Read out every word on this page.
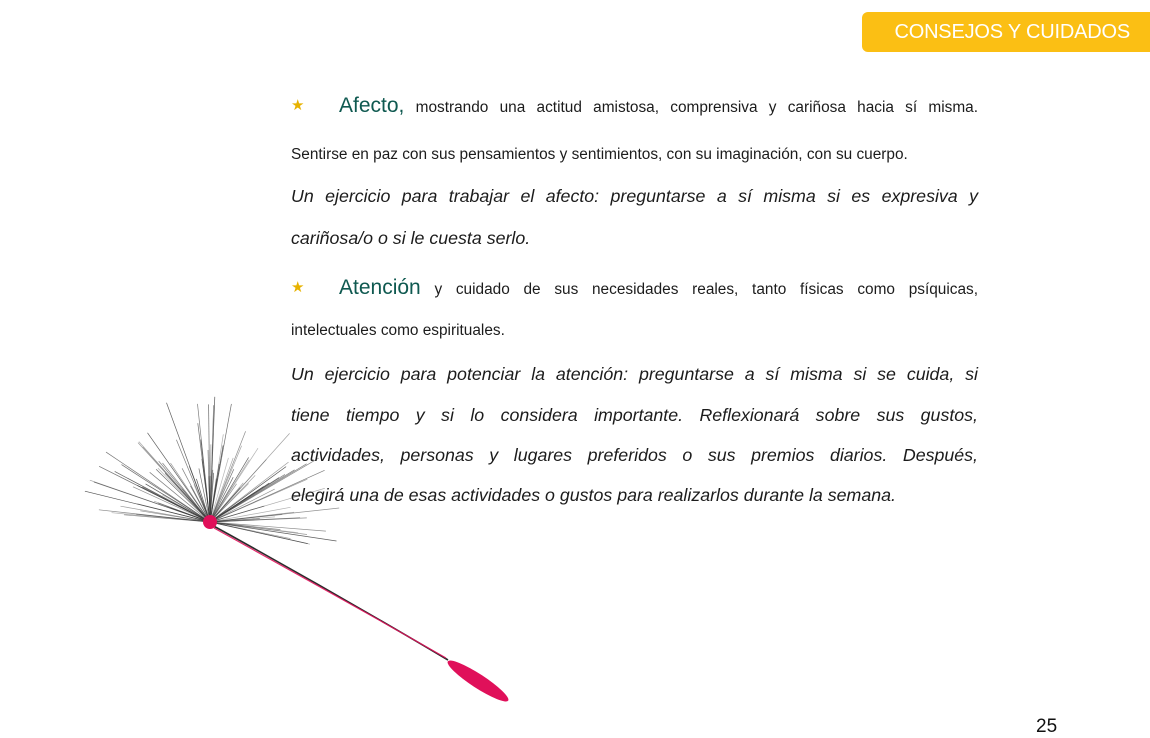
CONSEJOS Y CUIDADOS
★ Afecto, mostrando una actitud amistosa, comprensiva y cariñosa hacia sí misma.
Sentirse en paz con sus pensamientos y sentimientos, con su imaginación, con su cuerpo.
Un ejercicio para trabajar el afecto: preguntarse a sí misma si es expresiva y
cariñosa/o o si le cuesta serlo.
★ Atención y cuidado de sus necesidades reales, tanto físicas como psíquicas,
intelectuales como espirituales.
Un ejercicio para potenciar la atención: preguntarse a sí misma si se cuida, si
tiene tiempo y si lo considera importante. Reflexionará sobre sus gustos,
actividades, personas y lugares preferidos o sus premios diarios. Después,
elegirá una de esas actividades o gustos para realizarlos durante la semana.
25
